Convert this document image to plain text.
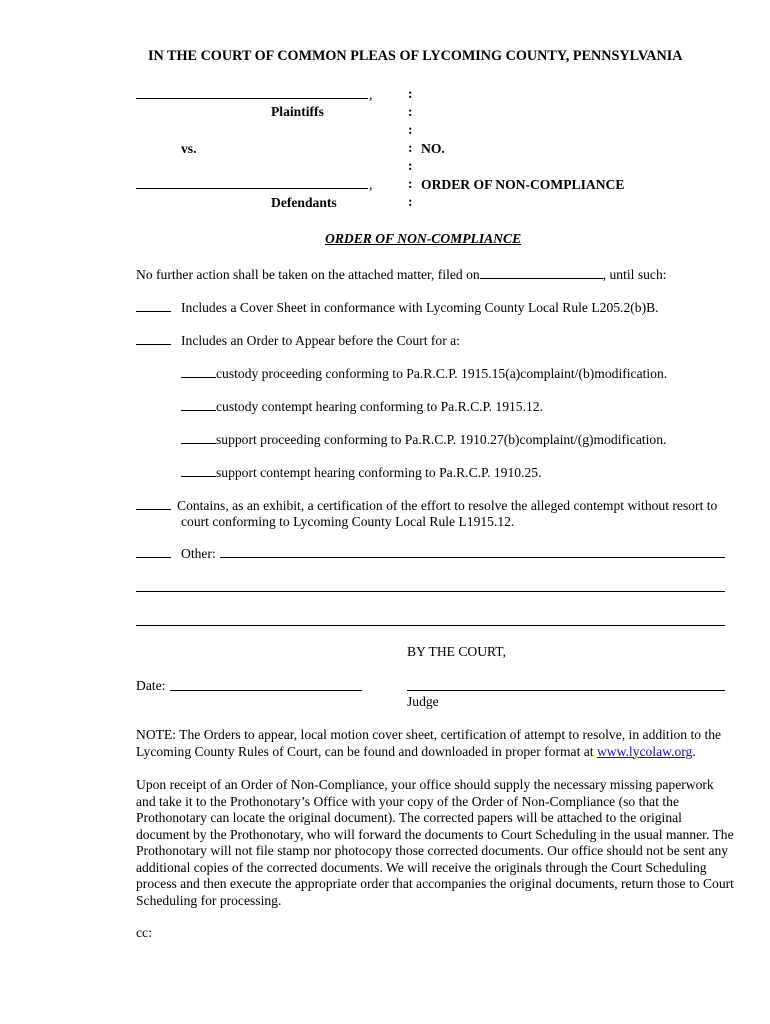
IN THE COURT OF COMMON PLEAS OF LYCOMING COUNTY, PENNSYLVANIA
,
Plaintiffs
vs.
,
Defendants
:
:
:
:
:
:
:
NO.
ORDER OF NON-COMPLIANCE
ORDER OF NON-COMPLIANCE
No further action shall be taken on the attached matter, filed on	, until such:
Includes a Cover Sheet in conformance with Lycoming County Local Rule L205.2(b)B.
Includes an Order to Appear before the Court for a:
custody proceeding conforming to Pa.R.C.P. 1915.15(a)complaint/(b)modification.
custody contempt hearing conforming to Pa.R.C.P. 1915.12.
support proceeding conforming to Pa.R.C.P. 1910.27(b)complaint/(g)modification.
support contempt hearing conforming to Pa.R.C.P. 1910.25.
Contains, as an exhibit, a certification of the effort to resolve the alleged contempt without resort to
court conforming to Lycoming County Local Rule L1915.12.
Other:
BY THE COURT,
Date:
Judge
NOTE: The Orders to appear, local motion cover sheet, certification of attempt to resolve, in addition to the Lycoming County Rules of Court, can be found and downloaded in proper format at www.lycolaw.org.
Upon receipt of an Order of Non-Compliance, your office should supply the necessary missing paperwork and take it to the Prothonotary’s Office with your copy of the Order of Non-Compliance (so that the Prothonotary can locate the original document). The corrected papers will be attached to the original document by the Prothonotary, who will forward the documents to Court Scheduling in the usual manner. The Prothonotary will not file stamp nor photocopy those corrected documents. Our office should not be sent any additional copies of the corrected documents. We will receive the originals through the Court Scheduling process and then execute the appropriate order that accompanies the original documents, return those to Court Scheduling for processing.
cc:
